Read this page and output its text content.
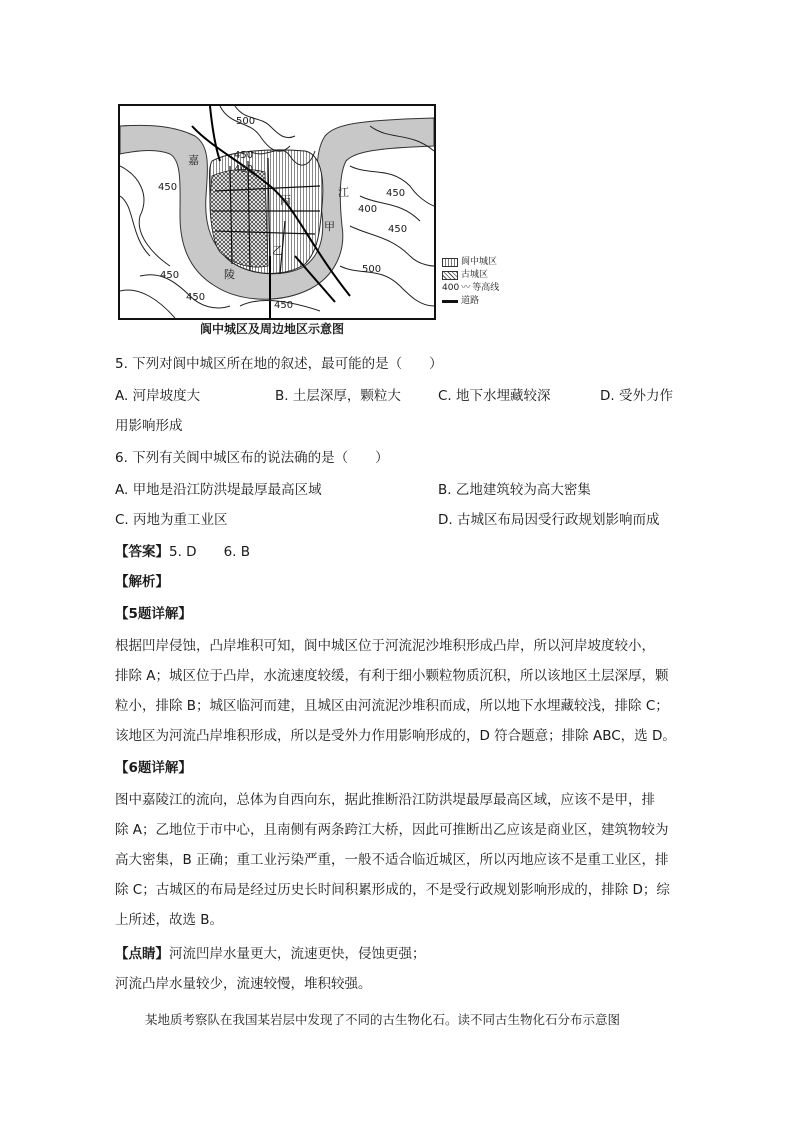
嘉
陵
江
丙
甲
乙
500
450
400
450
450
400
450
500
450
450
450
阆中城区
古城区
400 〰 等高线
道路
阆中城区及周边地区示意图
5. 下列对阆中城区所在地的叙述，最可能的是（　　）
A. 河岸坡度大	B. 土层深厚，颗粒大	C. 地下水埋藏较深	D. 受外力作
用影响形成
6. 下列有关阆中城区布的说法确的是（　　）
A. 甲地是沿江防洪堤最厚最高区域	B. 乙地建筑较为高大密集
C. 丙地为重工业区	D. 古城区布局因受行政规划影响而成
【答案】5. D　　6. B
【解析】
【5题详解】
根据凹岸侵蚀，凸岸堆积可知，阆中城区位于河流泥沙堆积形成凸岸，所以河岸坡度较小，
排除 A；城区位于凸岸，水流速度较缓，有利于细小颗粒物质沉积，所以该地区土层深厚，颗
粒小，排除 B；城区临河而建，且城区由河流泥沙堆积而成，所以地下水埋藏较浅，排除 C；
该地区为河流凸岸堆积形成，所以是受外力作用影响形成的，D 符合题意；排除 ABC，选 D。
【6题详解】
图中嘉陵江的流向，总体为自西向东，据此推断沿江防洪堤最厚最高区域，应该不是甲，排
除 A；乙地位于市中心，且南侧有两条跨江大桥，因此可推断出乙应该是商业区，建筑物较为
高大密集，B 正确；重工业污染严重，一般不适合临近城区，所以丙地应该不是重工业区，排
除 C；古城区的布局是经过历史长时间积累形成的，不是受行政规划影响形成的，排除 D；综
上所述，故选 B。
【点睛】河流凹岸水量更大，流速更快，侵蚀更强；
河流凸岸水量较少，流速较慢，堆积较强。
某地质考察队在我国某岩层中发现了不同的古生物化石。读不同古生物化石分布示意图
